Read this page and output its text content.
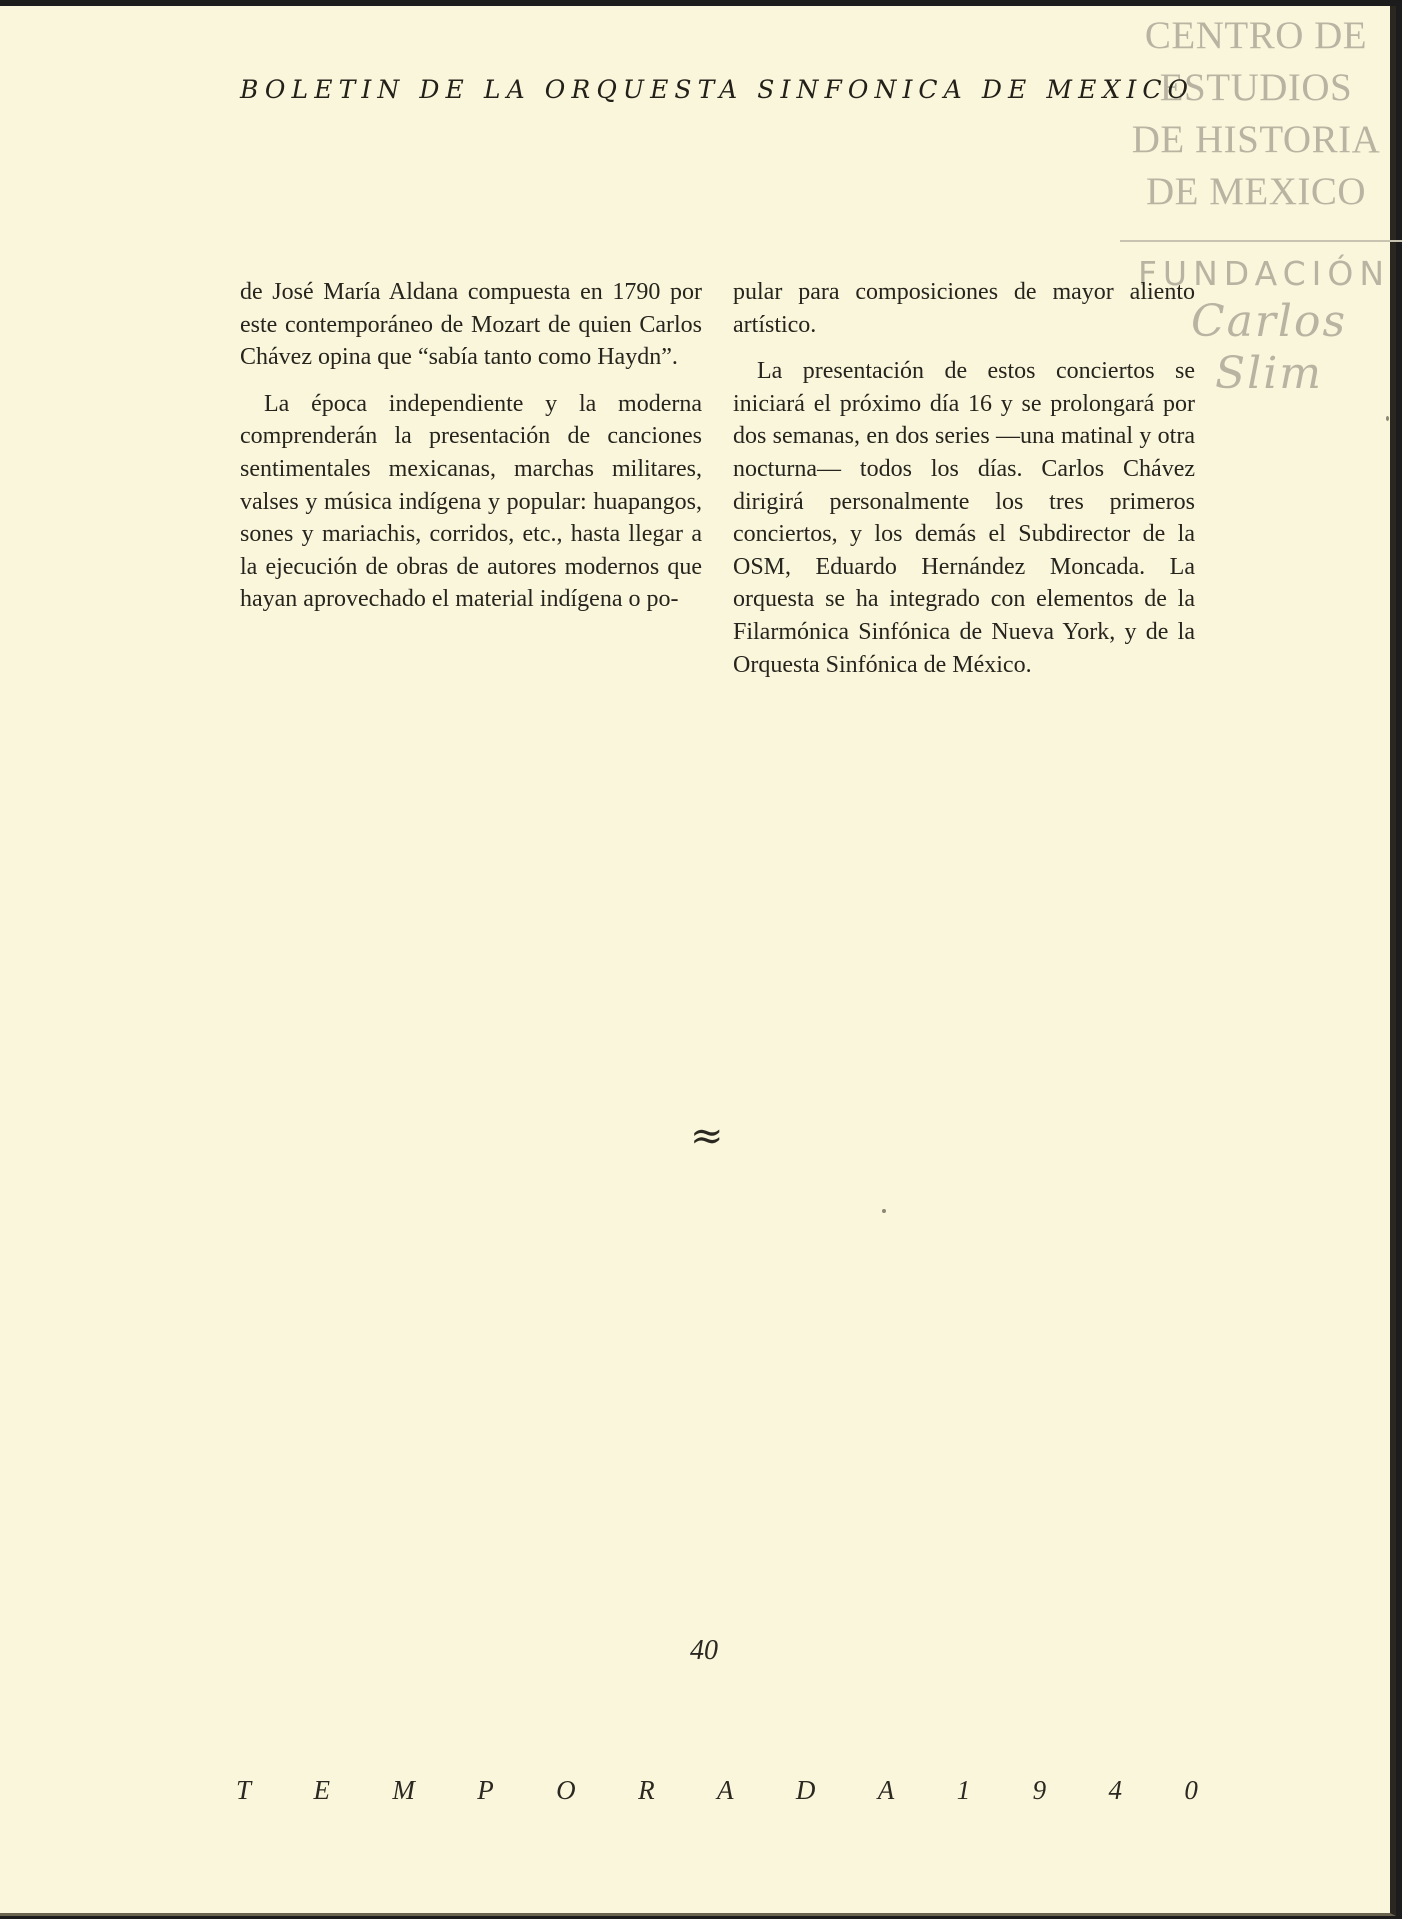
CENTRO DE
ESTUDIOS
DE HISTORIA
DE MEXICO
FUNDACIÓN
Carlos Slim
BOLETIN DE LA ORQUESTA SINFONICA DE MEXICO

de José María Aldana compuesta en 1790 por este contemporáneo de Mozart de quien Carlos Chávez opina que “sabía tanto como Haydn”.

La época independiente y la moderna comprenderán la presentación de canciones sentimentales mexicanas, marchas militares, valses y música indígena y popular: huapangos, sones y mariachis, corridos, etc., hasta llegar a la ejecución de obras de autores modernos que hayan aprovechado el material indígena o po-

pular para composiciones de mayor aliento artístico.

La presentación de estos conciertos se iniciará el próximo día 16 y se prolongará por dos semanas, en dos series —una matinal y otra nocturna— todos los días. Carlos Chávez dirigirá personalmente los tres primeros conciertos, y los demás el Subdirector de la OSM, Eduardo Hernández Moncada. La orquesta se ha integrado con elementos de la Filarmónica Sinfónica de Nueva York, y de la Orquesta Sinfónica de México.

≈
40
T E M P O R A D A 1 9 4 0
